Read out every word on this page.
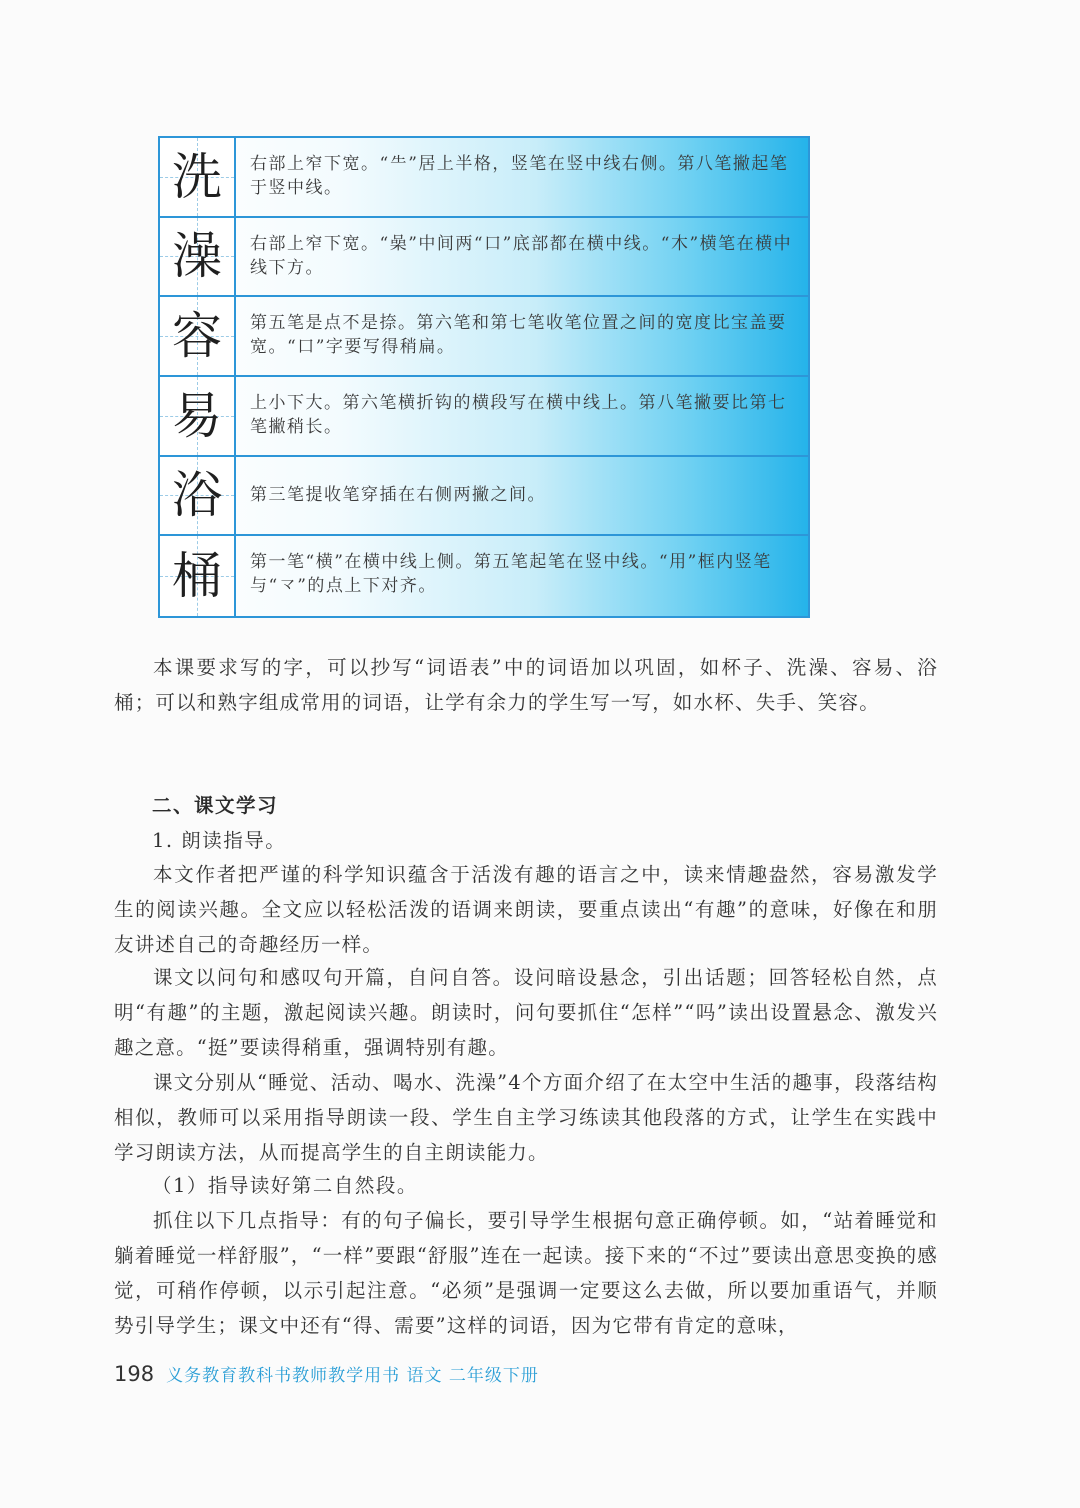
洗	右部上窄下宽。“⺧”居上半格，竖笔在竖中线右侧。第八笔撇起笔于竖中线。
澡	右部上窄下宽。“喿”中间两“口”底部都在横中线。“木”横笔在横中线下方。
容	第五笔是点不是捺。第六笔和第七笔收笔位置之间的宽度比宝盖要宽。“口”字要写得稍扁。
易	上小下大。第六笔横折钩的横段写在横中线上。第八笔撇要比第七笔撇稍长。
浴	第三笔提收笔穿插在右侧两撇之间。
桶	第一笔“横”在横中线上侧。第五笔起笔在竖中线。“用”框内竖笔与“龴”的点上下对齐。

本课要求写的字，可以抄写“词语表”中的词语加以巩固，如杯子、洗澡、容易、浴桶；可以和熟字组成常用的词语，让学有余力的学生写一写，如水杯、失手、笑容。

二、课文学习

1. 朗读指导。

本文作者把严谨的科学知识蕴含于活泼有趣的语言之中，读来情趣盎然，容易激发学生的阅读兴趣。全文应以轻松活泼的语调来朗读，要重点读出“有趣”的意味，好像在和朋友讲述自己的奇趣经历一样。

课文以问句和感叹句开篇，自问自答。设问暗设悬念，引出话题；回答轻松自然，点明“有趣”的主题，激起阅读兴趣。朗读时，问句要抓住“怎样”“吗”读出设置悬念、激发兴趣之意。“挺”要读得稍重，强调特别有趣。

课文分别从“睡觉、活动、喝水、洗澡”4个方面介绍了在太空中生活的趣事，段落结构相似，教师可以采用指导朗读一段、学生自主学习练读其他段落的方式，让学生在实践中学习朗读方法，从而提高学生的自主朗读能力。

（1）指导读好第二自然段。

抓住以下几点指导：有的句子偏长，要引导学生根据句意正确停顿。如，“站着睡觉和躺着睡觉一样舒服”，“一样”要跟“舒服”连在一起读。接下来的“不过”要读出意思变换的感觉，可稍作停顿，以示引起注意。“必须”是强调一定要这么去做，所以要加重语气，并顺势引导学生；课文中还有“得、需要”这样的词语，因为它带有肯定的意味，

198 义务教育教科书教师教学用书 语文 二年级下册
